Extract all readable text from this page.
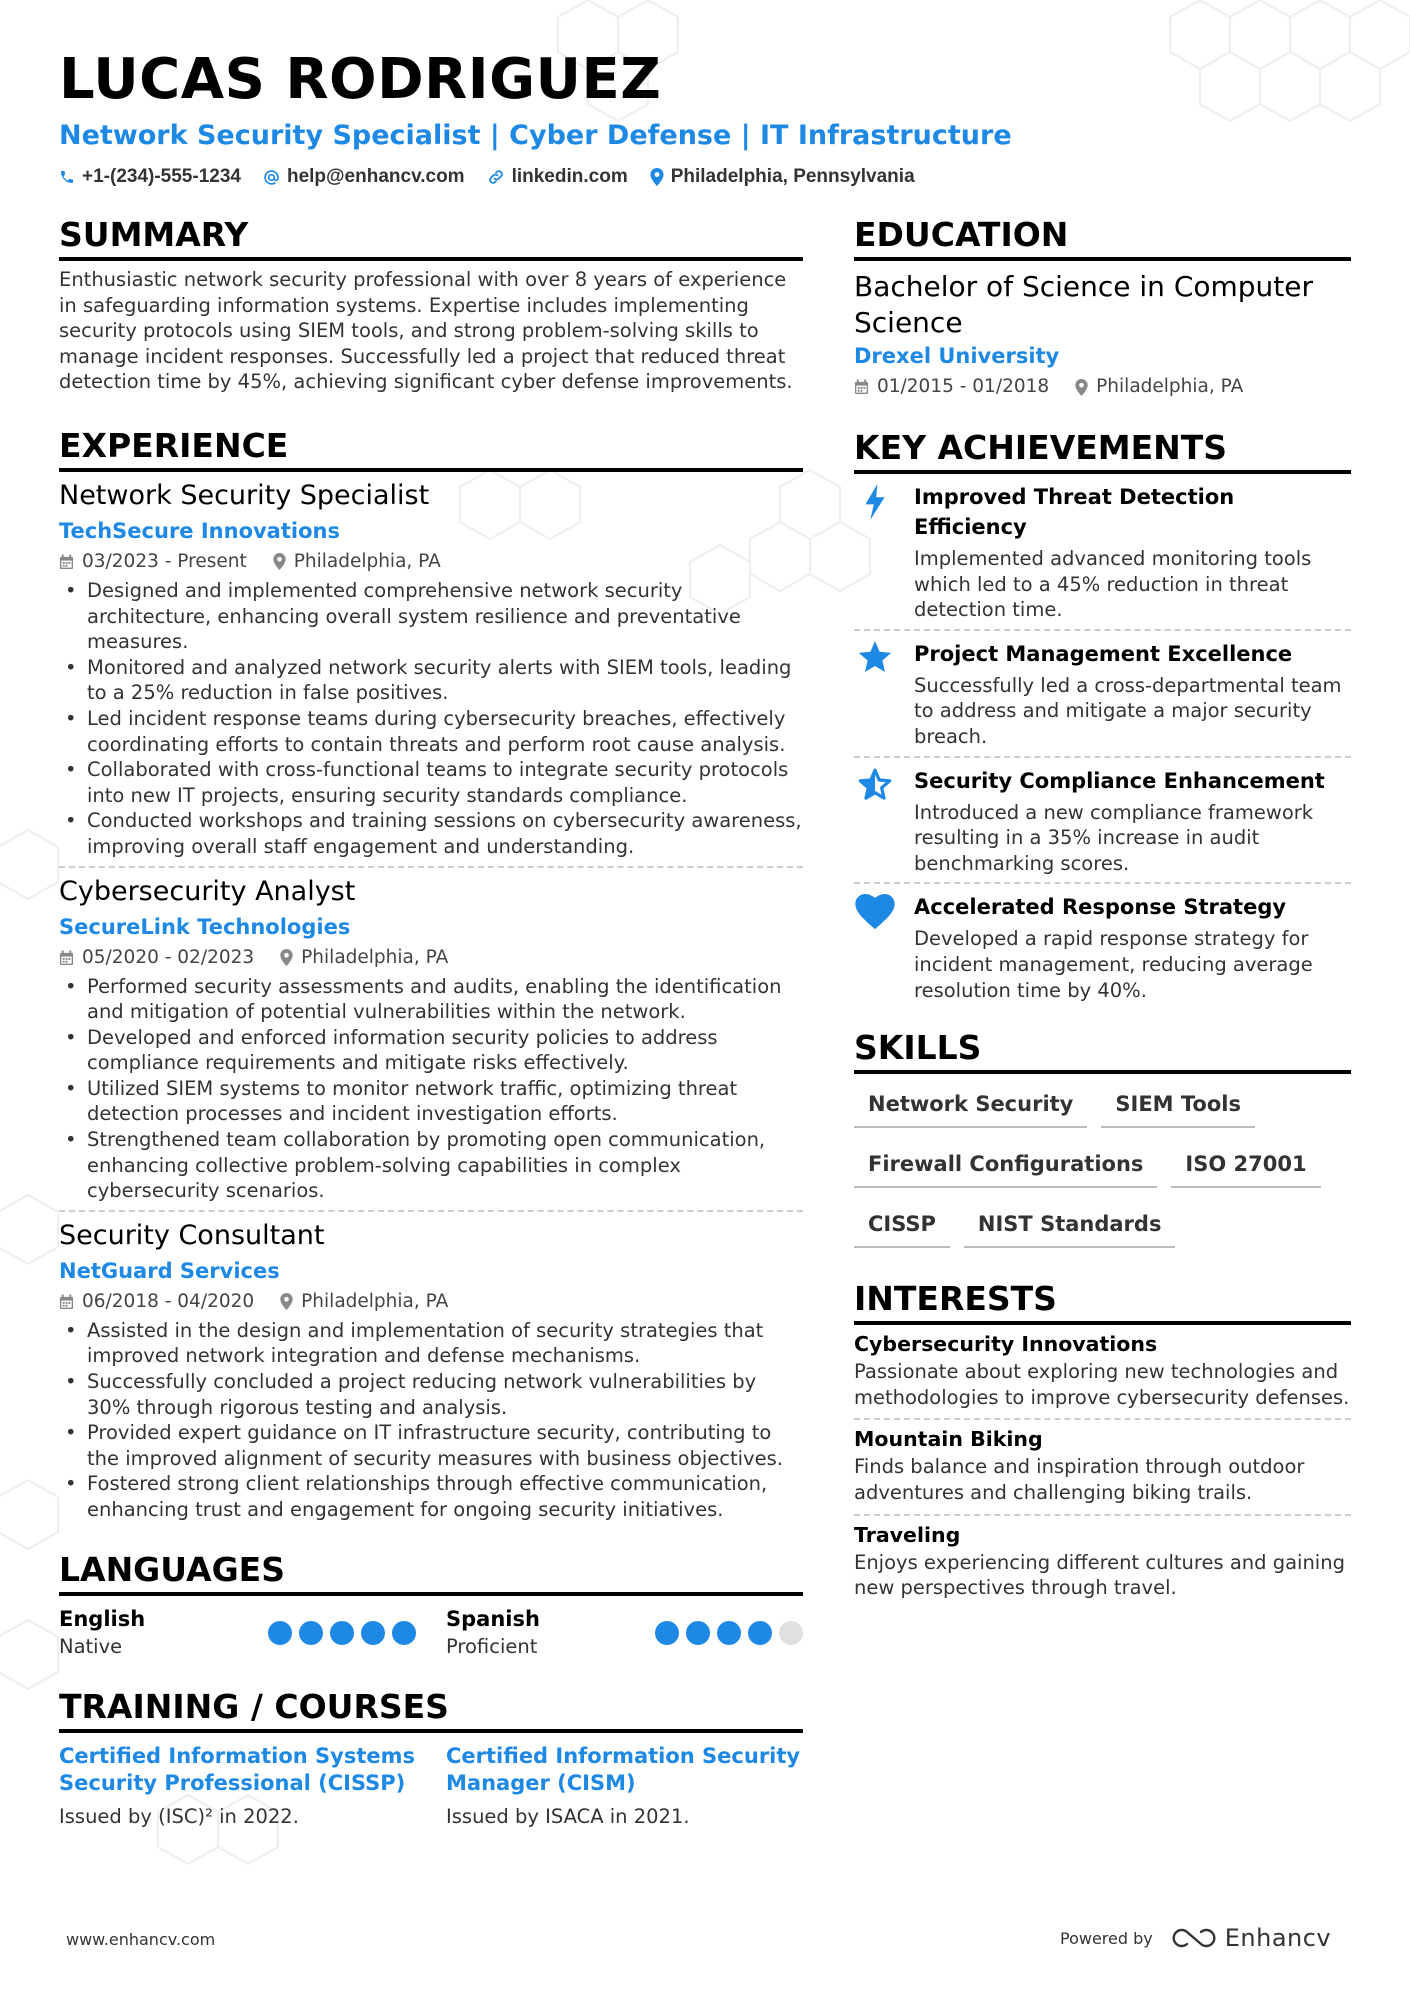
LUCAS RODRIGUEZ
Network Security Specialist | Cyber Defense | IT Infrastructure
+1-(234)-555-1234 help@enhancv.com linkedin.com Philadelphia, Pennsylvania
SUMMARY
Enthusiastic network security professional with over 8 years of experience in safeguarding information systems. Expertise includes implementing security protocols using SIEM tools, and strong problem-solving skills to manage incident responses. Successfully led a project that reduced threat detection time by 45%, achieving significant cyber defense improvements.
EXPERIENCE
Network Security Specialist
TechSecure Innovations
03/2023 - Present	Philadelphia, PA
• Designed and implemented comprehensive network security architecture, enhancing overall system resilience and preventative measures.
• Monitored and analyzed network security alerts with SIEM tools, leading to a 25% reduction in false positives.
• Led incident response teams during cybersecurity breaches, effectively coordinating efforts to contain threats and perform root cause analysis.
• Collaborated with cross-functional teams to integrate security protocols into new IT projects, ensuring security standards compliance.
• Conducted workshops and training sessions on cybersecurity awareness, improving overall staff engagement and understanding.
Cybersecurity Analyst
SecureLink Technologies
05/2020 - 02/2023	Philadelphia, PA
• Performed security assessments and audits, enabling the identification and mitigation of potential vulnerabilities within the network.
• Developed and enforced information security policies to address compliance requirements and mitigate risks effectively.
• Utilized SIEM systems to monitor network traffic, optimizing threat detection processes and incident investigation efforts.
• Strengthened team collaboration by promoting open communication, enhancing collective problem-solving capabilities in complex cybersecurity scenarios.
Security Consultant
NetGuard Services
06/2018 - 04/2020	Philadelphia, PA
• Assisted in the design and implementation of security strategies that improved network integration and defense mechanisms.
• Successfully concluded a project reducing network vulnerabilities by 30% through rigorous testing and analysis.
• Provided expert guidance on IT infrastructure security, contributing to the improved alignment of security measures with business objectives.
• Fostered strong client relationships through effective communication, enhancing trust and engagement for ongoing security initiatives.
LANGUAGES
English
Native
Spanish
Proficient
TRAINING / COURSES
Certified Information Systems Security Professional (CISSP)
Issued by (ISC)² in 2022.
Certified Information Security Manager (CISM)
Issued by ISACA in 2021.
EDUCATION
Bachelor of Science in Computer Science
Drexel University
01/2015 - 01/2018	Philadelphia, PA
KEY ACHIEVEMENTS
Improved Threat Detection Efficiency
Implemented advanced monitoring tools which led to a 45% reduction in threat detection time.
Project Management Excellence
Successfully led a cross-departmental team to address and mitigate a major security breach.
Security Compliance Enhancement
Introduced a new compliance framework resulting in a 35% increase in audit benchmarking scores.
Accelerated Response Strategy
Developed a rapid response strategy for incident management, reducing average resolution time by 40%.
SKILLS
Network Security	SIEM Tools
Firewall Configurations	ISO 27001
CISSP	NIST Standards
INTERESTS
Cybersecurity Innovations
Passionate about exploring new technologies and methodologies to improve cybersecurity defenses.
Mountain Biking
Finds balance and inspiration through outdoor adventures and challenging biking trails.
Traveling
Enjoys experiencing different cultures and gaining new perspectives through travel.
www.enhancv.com	Powered by	Enhancv
